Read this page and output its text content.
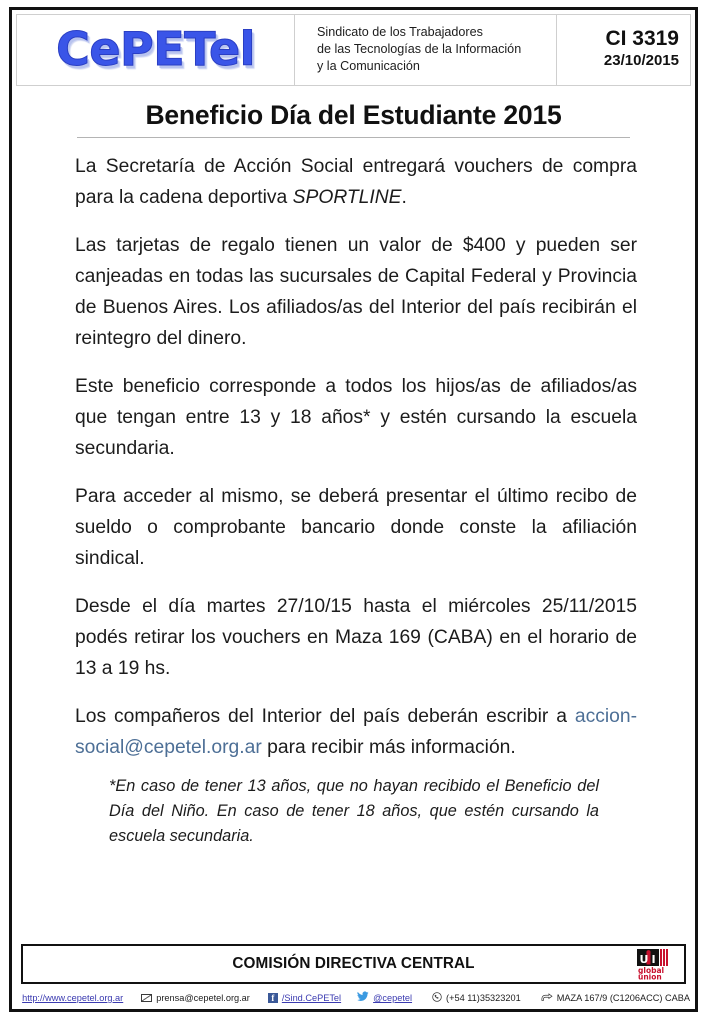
CePETel	Sindicato de los Trabajadores
de las Tecnologías de la Información
y la Comunicación
CI 3319
23/10/2015
Beneficio Día del Estudiante 2015

La Secretaría de Acción Social entregará vouchers de compra para la cadena deportiva SPORTLINE.

Las tarjetas de regalo tienen un valor de $400 y pueden ser canjeadas en todas las sucursales de Capital Federal y Provincia de Buenos Aires. Los afiliados/as del Interior del país recibirán el reintegro del dinero.

Este beneficio corresponde a todos los hijos/as de afiliados/as que tengan entre 13 y 18 años* y estén cursando la escuela secundaria.

Para acceder al mismo, se deberá presentar el último recibo de sueldo o comprobante bancario donde conste la afiliación sindical.

Desde el día martes 27/10/15 hasta el miércoles 25/11/2015 podés retirar los vouchers en Maza 169 (CABA) en el horario de 13 a 19 hs.

Los compañeros del Interior del país deberán escribir a accion-social@cepetel.org.ar para recibir más información.

*En caso de tener 13 años, que no hayan recibido el Beneficio del Día del Niño. En caso de tener 18 años, que estén cursando la escuela secundaria.

COMISIÓN DIRECTIVA CENTRAL	U I
global
union
http://www.cepetel.org.ar	prensa@cepetel.org.ar	f /Sind.CePETel	@cepetel	(+54 11)35323201	MAZA 167/9 (C1206ACC) CABA
